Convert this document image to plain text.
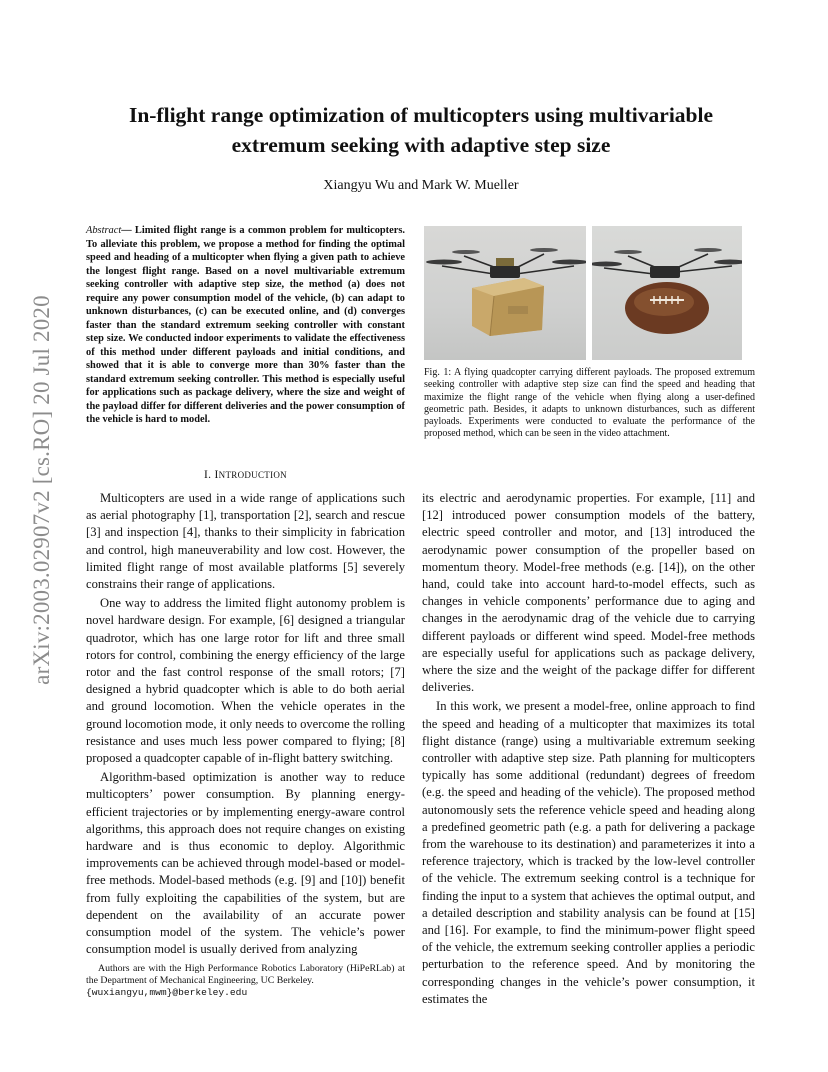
arXiv:2003.02907v2 [cs.RO] 20 Jul 2020
In-flight range optimization of multicopters using multivariable
extremum seeking with adaptive step size
Xiangyu Wu and Mark W. Mueller

Abstract— Limited flight range is a common problem for multicopters. To alleviate this problem, we propose a method for finding the optimal speed and heading of a multicopter when flying a given path to achieve the longest flight range. Based on a novel multivariable extremum seeking controller with adaptive step size, the method (a) does not require any power consumption model of the vehicle, (b) can adapt to unknown disturbances, (c) can be executed online, and (d) converges faster than the standard extremum seeking controller with constant step size. We conducted indoor experiments to validate the effectiveness of this method under different payloads and initial conditions, and showed that it is able to converge more than 30% faster than the standard extremum seeking controller. This method is especially useful for applications such as package delivery, where the size and weight of the payload differ for different deliveries and the power consumption of the vehicle is hard to model.

I. INTRODUCTION

Multicopters are used in a wide range of applications such as aerial photography [1], transportation [2], search and rescue [3] and inspection [4], thanks to their simplicity in fabrication and control, high maneuverability and low cost. However, the limited flight range of most available platforms [5] severely constrains their range of applications.

One way to address the limited flight autonomy problem is novel hardware design. For example, [6] designed a triangular quadrotor, which has one large rotor for lift and three small rotors for control, combining the energy efficiency of the large rotor and the fast control response of the small rotors; [7] designed a hybrid quadcopter which is able to do both aerial and ground locomotion. When the vehicle operates in the ground locomotion mode, it only needs to overcome the rolling resistance and uses much less power compared to flying; [8] proposed a quadcopter capable of in-flight battery switching.

Algorithm-based optimization is another way to reduce multicopters’ power consumption. By planning energy-efficient trajectories or by implementing energy-aware control algorithms, this approach does not require changes on existing hardware and is thus economic to deploy. Algorithmic improvements can be achieved through model-based or model-free methods. Model-based methods (e.g. [9] and [10]) benefit from fully exploiting the capabilities of the system, but are dependent on the availability of an accurate power consumption model of the system. The vehicle’s power consumption model is usually derived from analyzing

Authors are with the High Performance Robotics Laboratory (HiPeRLab) at the Department of Mechanical Engineering, UC Berkeley.
{wuxiangyu,mwm}@berkeley.edu

Fig. 1: A flying quadcopter carrying different payloads. The proposed extremum seeking controller with adaptive step size can find the speed and heading that maximize the flight range of the vehicle when flying along a user-defined geometric path. Besides, it adapts to unknown disturbances, such as different payloads. Experiments were conducted to evaluate the performance of the proposed method, which can be seen in the video attachment.

its electric and aerodynamic properties. For example, [11] and [12] introduced power consumption models of the battery, electric speed controller and motor, and [13] introduced the aerodynamic power consumption of the propeller based on momentum theory. Model-free methods (e.g. [14]), on the other hand, could take into account hard-to-model effects, such as changes in vehicle components’ performance due to aging and changes in the aerodynamic drag of the vehicle due to carrying different payloads or different wind speed. Model-free methods are especially useful for applications such as package delivery, where the size and the weight of the package differ for different deliveries.

In this work, we present a model-free, online approach to find the speed and heading of a multicopter that maximizes its total flight distance (range) using a multivariable extremum seeking controller with adaptive step size. Path planning for multicopters typically has some additional (redundant) degrees of freedom (e.g. the speed and heading of the vehicle). The proposed method autonomously sets the reference vehicle speed and heading along a predefined geometric path (e.g. a path for delivering a package from the warehouse to its destination) and parameterizes it into a reference trajectory, which is tracked by the low-level controller of the vehicle. The extremum seeking control is a technique for finding the input to a system that achieves the optimal output, and a detailed description and stability analysis can be found at [15] and [16]. For example, to find the minimum-power flight speed of the vehicle, the extremum seeking controller applies a periodic perturbation to the reference speed. And by monitoring the corresponding changes in the vehicle’s power consumption, it estimates the
